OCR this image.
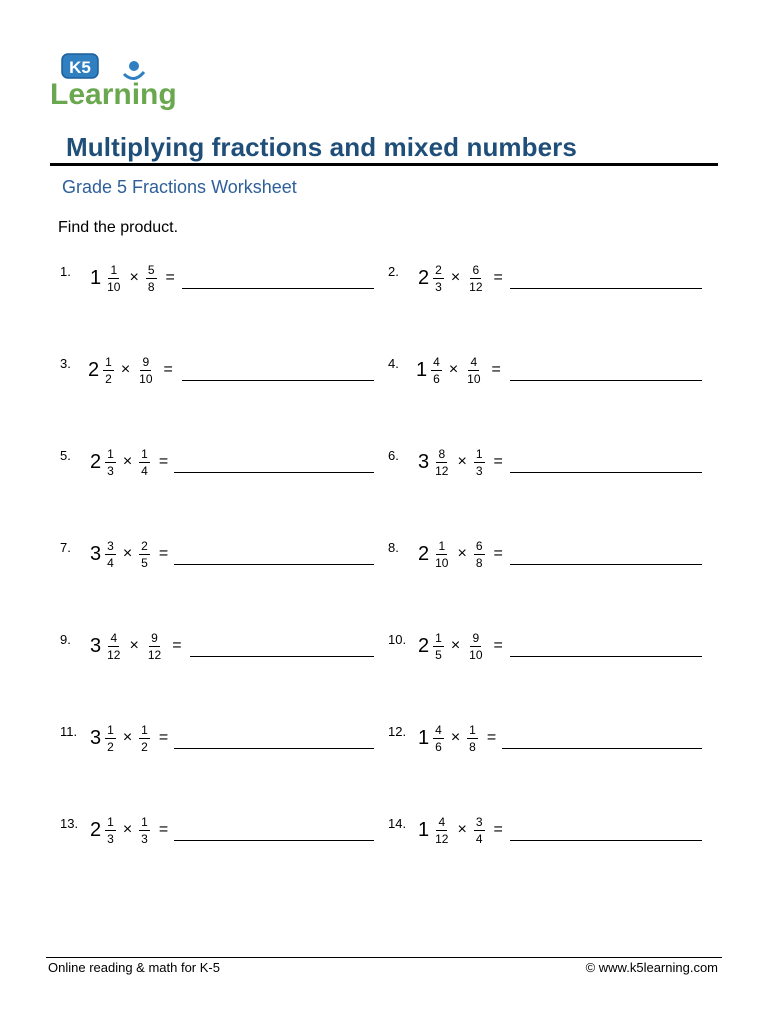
K5
Learning
Multiplying fractions and mixed numbers
Grade 5 Fractions Worksheet
Find the product.
1. $1 \frac{1}{10} \times \frac{5}{8}$ =	2. $2 \frac{2}{3} \times \frac{6}{12}$ =
3. $2 \frac{1}{2} \times \frac{9}{10}$ =	4. $1 \frac{4}{6} \times \frac{4}{10}$ =
5. $2 \frac{1}{3} \times \frac{1}{4}$ =	6. $3 \frac{8}{12} \times \frac{1}{3}$ =
7. $3 \frac{3}{4} \times \frac{2}{5}$ =	8. $2 \frac{1}{10} \times \frac{6}{8}$ =
9. $3 \frac{4}{12} \times \frac{9}{12}$ =	10. $2 \frac{1}{5} \times \frac{9}{10}$ =
11. $3 \frac{1}{2} \times \frac{1}{2}$ =	12. $1 \frac{4}{6} \times \frac{1}{8}$ =
13. $2 \frac{1}{3} \times \frac{1}{3}$ =	14. $1 \frac{4}{12} \times \frac{3}{4}$ =
Online reading & math for K-5	© www.k5learning.com
